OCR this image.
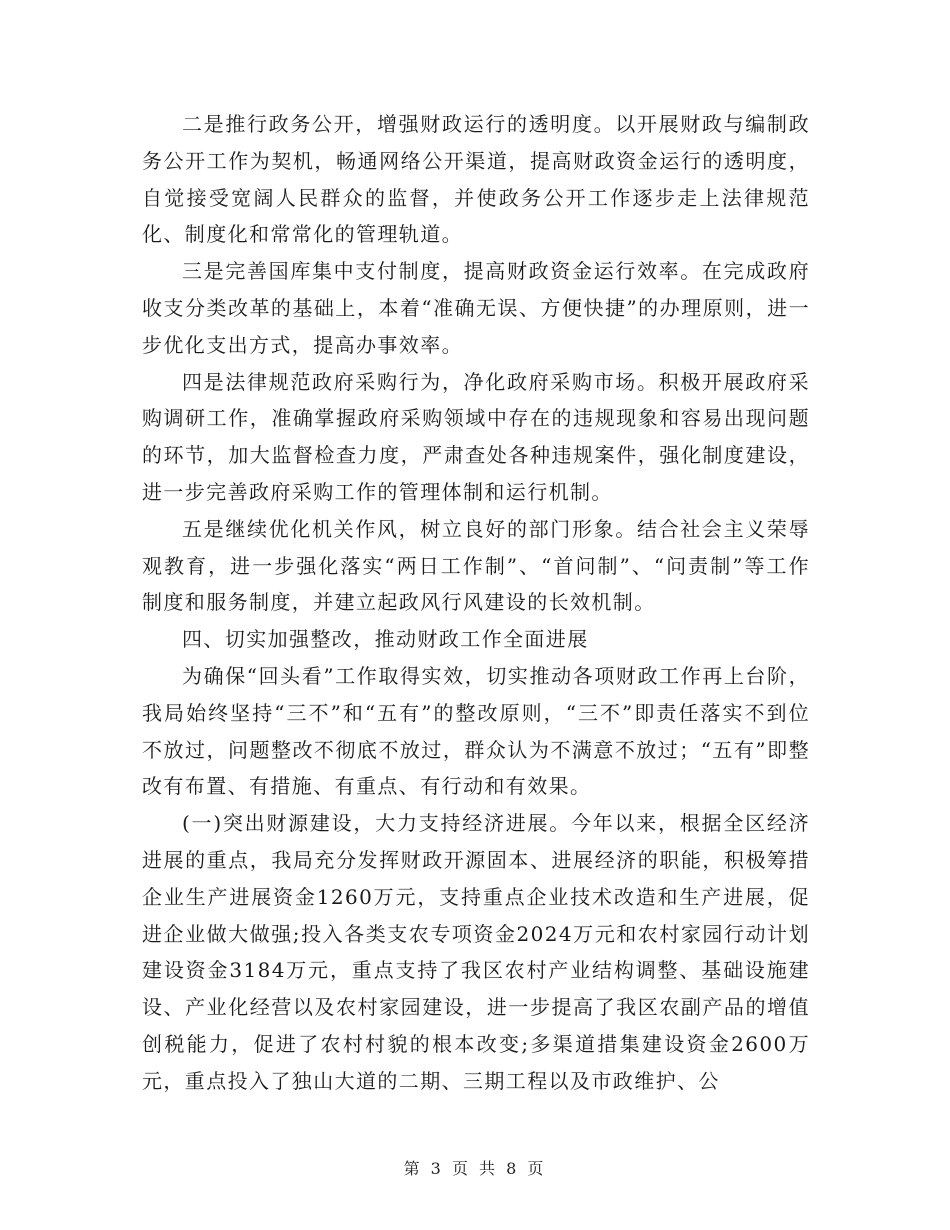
二是推行政务公开，增强财政运行的透明度。以开展财政与编制政务公开工作为契机，畅通网络公开渠道，提高财政资金运行的透明度，自觉接受宽阔人民群众的监督，并使政务公开工作逐步走上法律规范化、制度化和常常化的管理轨道。

三是完善国库集中支付制度，提高财政资金运行效率。在完成政府收支分类改革的基础上，本着“准确无误、方便快捷”的办理原则，进一步优化支出方式，提高办事效率。

四是法律规范政府采购行为，净化政府采购市场。积极开展政府采购调研工作，准确掌握政府采购领域中存在的违规现象和容易出现问题的环节，加大监督检查力度，严肃查处各种违规案件，强化制度建设，进一步完善政府采购工作的管理体制和运行机制。

五是继续优化机关作风，树立良好的部门形象。结合社会主义荣辱观教育，进一步强化落实“两日工作制”、“首问制”、“问责制”等工作制度和服务制度，并建立起政风行风建设的长效机制。

四、切实加强整改，推动财政工作全面进展

为确保“回头看”工作取得实效，切实推动各项财政工作再上台阶，我局始终坚持“三不”和“五有”的整改原则，“三不”即责任落实不到位不放过，问题整改不彻底不放过，群众认为不满意不放过；“五有”即整改有布置、有措施、有重点、有行动和有效果。

(一)突出财源建设，大力支持经济进展。今年以来，根据全区经济进展的重点，我局充分发挥财政开源固本、进展经济的职能，积极筹措企业生产进展资金1260万元，支持重点企业技术改造和生产进展，促进企业做大做强;投入各类支农专项资金2024万元和农村家园行动计划建设资金3184万元，重点支持了我区农村产业结构调整、基础设施建设、产业化经营以及农村家园建设，进一步提高了我区农副产品的增值创税能力，促进了农村村貌的根本改变;多渠道措集建设资金2600万元，重点投入了独山大道的二期、三期工程以及市政维护、公

第 3 页 共 8 页
